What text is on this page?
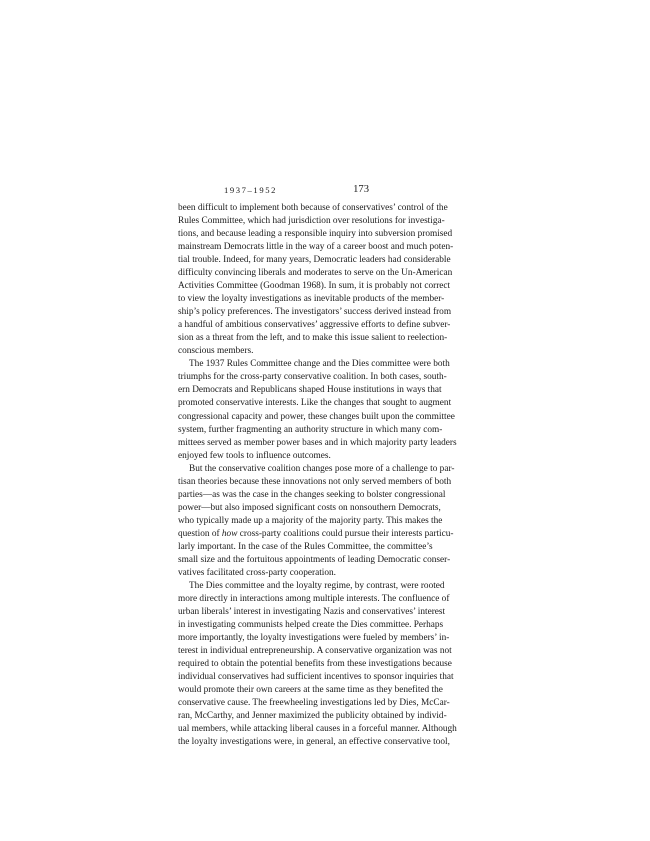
1937–1952	173

been difficult to implement both because of conservatives’ control of the
Rules Committee, which had jurisdiction over resolutions for investiga-
tions, and because leading a responsible inquiry into subversion promised
mainstream Democrats little in the way of a career boost and much poten-
tial trouble. Indeed, for many years, Democratic leaders had considerable
difficulty convincing liberals and moderates to serve on the Un-American
Activities Committee (Goodman 1968). In sum, it is probably not correct
to view the loyalty investigations as inevitable products of the member-
ship’s policy preferences. The investigators’ success derived instead from
a handful of ambitious conservatives’ aggressive efforts to define subver-
sion as a threat from the left, and to make this issue salient to reelection-
conscious members.

The 1937 Rules Committee change and the Dies committee were both
triumphs for the cross-party conservative coalition. In both cases, south-
ern Democrats and Republicans shaped House institutions in ways that
promoted conservative interests. Like the changes that sought to augment
congressional capacity and power, these changes built upon the committee
system, further fragmenting an authority structure in which many com-
mittees served as member power bases and in which majority party leaders
enjoyed few tools to influence outcomes.

But the conservative coalition changes pose more of a challenge to par-
tisan theories because these innovations not only served members of both
parties—as was the case in the changes seeking to bolster congressional
power—but also imposed significant costs on nonsouthern Democrats,
who typically made up a majority of the majority party. This makes the
question of how cross-party coalitions could pursue their interests particu-
larly important. In the case of the Rules Committee, the committee’s
small size and the fortuitous appointments of leading Democratic conser-
vatives facilitated cross-party cooperation.

The Dies committee and the loyalty regime, by contrast, were rooted
more directly in interactions among multiple interests. The confluence of
urban liberals’ interest in investigating Nazis and conservatives’ interest
in investigating communists helped create the Dies committee. Perhaps
more importantly, the loyalty investigations were fueled by members’ in-
terest in individual entrepreneurship. A conservative organization was not
required to obtain the potential benefits from these investigations because
individual conservatives had sufficient incentives to sponsor inquiries that
would promote their own careers at the same time as they benefited the
conservative cause. The freewheeling investigations led by Dies, McCar-
ran, McCarthy, and Jenner maximized the publicity obtained by individ-
ual members, while attacking liberal causes in a forceful manner. Although
the loyalty investigations were, in general, an effective conservative tool,
